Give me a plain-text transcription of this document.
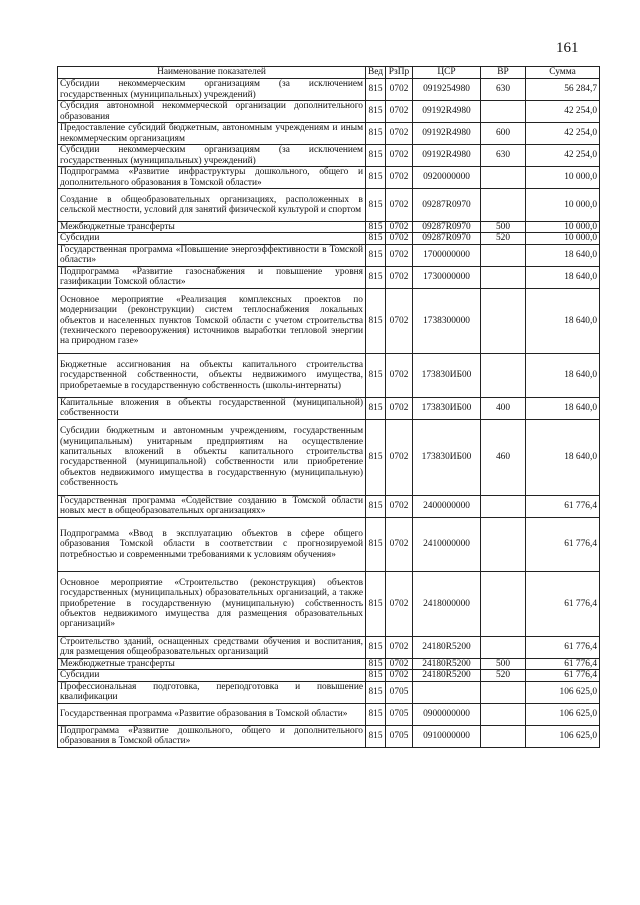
161
Наименование показателей	Вед	РзПр	ЦСР	ВР	Сумма
Субсидии некоммерческим организациям (за исключением государственных (муниципальных) учреждений)	815	0702	0919254980	630	56 284,7
Субсидия автономной некоммерческой организации дополнительного образования	815	0702	09192R4980		42 254,0
Предоставление субсидий бюджетным, автономным учреждениям и иным некоммерческим организациям	815	0702	09192R4980	600	42 254,0
Субсидии некоммерческим организациям (за исключением государственных (муниципальных) учреждений)	815	0702	09192R4980	630	42 254,0
Подпрограмма «Развитие инфраструктуры дошкольного, общего и дополнительного образования в Томской области»	815	0702	0920000000		10 000,0
Создание в общеобразовательных организациях, расположенных в сельской местности, условий для занятий физической культурой и спортом	815	0702	09287R0970		10 000,0
Межбюджетные трансферты	815	0702	09287R0970	500	10 000,0
Субсидии	815	0702	09287R0970	520	10 000,0
Государственная программа «Повышение энергоэффективности в Томской области»	815	0702	1700000000		18 640,0
Подпрограмма «Развитие газоснабжения и повышение уровня газификации Томской области»	815	0702	1730000000		18 640,0
Основное мероприятие «Реализация комплексных проектов по модернизации (реконструкции) систем теплоснабжения локальных объектов и населенных пунктов Томской области с учетом строительства (технического перевооружения) источников выработки тепловой энергии на природном газе»	815	0702	1738300000		18 640,0
Бюджетные ассигнования на объекты капитального строительства государственной собственности, объекты недвижимого имущества, приобретаемые в государственную собственность (школы-интернаты)	815	0702	173830ИБ00		18 640,0
Капитальные вложения в объекты государственной (муниципальной) собственности	815	0702	173830ИБ00	400	18 640,0
Субсидии бюджетным и автономным учреждениям, государственным (муниципальным) унитарным предприятиям на осуществление капитальных вложений в объекты капитального строительства государственной (муниципальной) собственности или приобретение объектов недвижимого имущества в государственную (муниципальную) собственность	815	0702	173830ИБ00	460	18 640,0
Государственная программа «Содействие созданию в Томской области новых мест в общеобразовательных организациях»	815	0702	2400000000		61 776,4
Подпрограмма «Ввод в эксплуатацию объектов в сфере общего образования Томской области в соответствии с прогнозируемой потребностью и современными требованиями к условиям обучения»	815	0702	2410000000		61 776,4
Основное мероприятие «Строительство (реконструкция) объектов государственных (муниципальных) образовательных организаций, а также приобретение в государственную (муниципальную) собственность объектов недвижимого имущества для размещения образовательных организаций»	815	0702	2418000000		61 776,4
Строительство зданий, оснащенных средствами обучения и воспитания, для размещения общеобразовательных организаций	815	0702	24180R5200		61 776,4
Межбюджетные трансферты	815	0702	24180R5200	500	61 776,4
Субсидии	815	0702	24180R5200	520	61 776,4
Профессиональная подготовка, переподготовка и повышение квалификации	815	0705			106 625,0
Государственная программа «Развитие образования в Томской области»	815	0705	0900000000		106 625,0
Подпрограмма «Развитие дошкольного, общего и дополнительного образования в Томской области»	815	0705	0910000000		106 625,0
